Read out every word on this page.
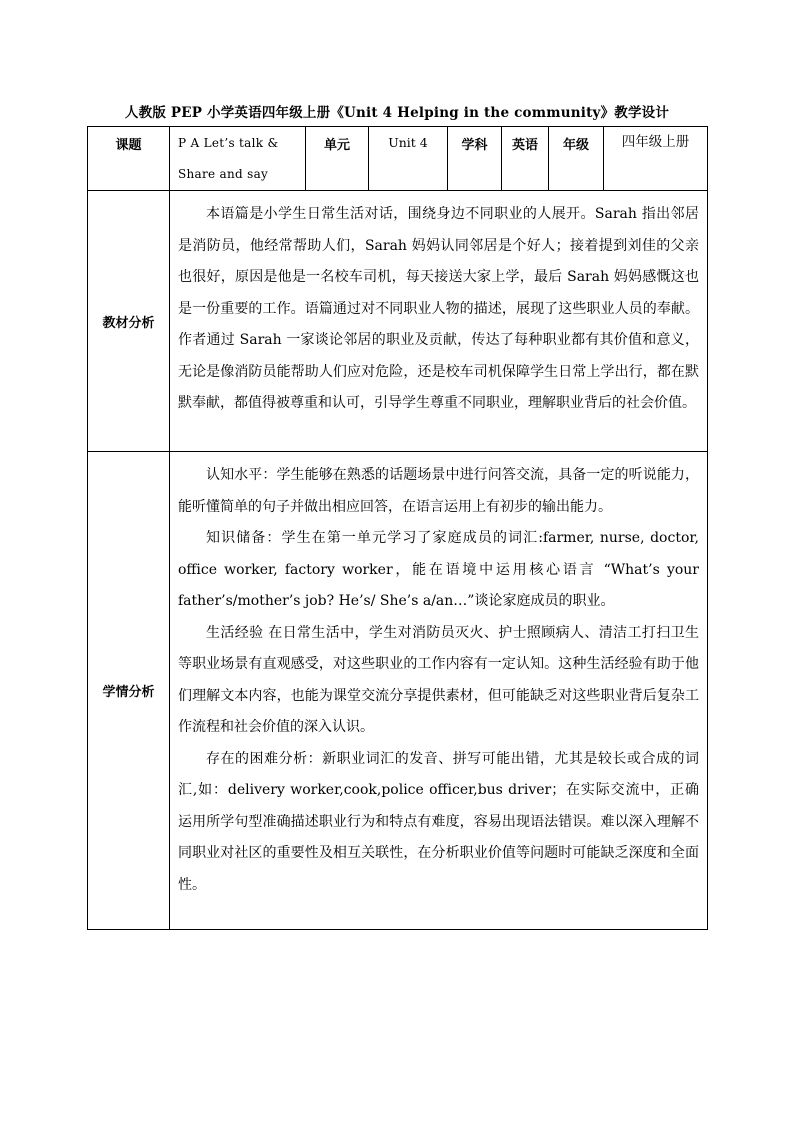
人教版 PEP 小学英语四年级上册《Unit 4 Helping in the community》教学设计
课题	P A Let’s talk &
Share and say	单元	Unit 4	学科	英语	年级	四年级上册
教材分析	本语篇是小学生日常生活对话，围绕身边不同职业的人展开。Sarah 指出邻居是消防员，他经常帮助人们，Sarah 妈妈认同邻居是个好人；接着提到刘佳的父亲也很好，原因是他是一名校车司机，每天接送大家上学，最后 Sarah 妈妈感慨这也是一份重要的工作。语篇通过对不同职业人物的描述，展现了这些职业人员的奉献。作者通过 Sarah 一家谈论邻居的职业及贡献，传达了每种职业都有其价值和意义，无论是像消防员能帮助人们应对危险，还是校车司机保障学生日常上学出行，都在默默奉献，都值得被尊重和认可，引导学生尊重不同职业，理解职业背后的社会价值。						

学情分析	认知水平：学生能够在熟悉的话题场景中进行问答交流，具备一定的听说能力，能听懂简单的句子并做出相应回答，在语言运用上有初步的输出能力。

知识储备：学生在第一单元学习了家庭成员的词汇:farmer, nurse, doctor, office worker, factory worker，能在语境中运用核心语言 “What’s your father’s/mother’s job? He’s/ She’s a/an…”谈论家庭成员的职业。

生活经验 在日常生活中，学生对消防员灭火、护士照顾病人、清洁工打扫卫生等职业场景有直观感受，对这些职业的工作内容有一定认知。这种生活经验有助于他们理解文本内容，也能为课堂交流分享提供素材，但可能缺乏对这些职业背后复杂工作流程和社会价值的深入认识。

存在的困难分析：新职业词汇的发音、拼写可能出错，尤其是较长或合成的词汇,如：delivery worker,cook,police officer,bus driver；在实际交流中，正确运用所学句型准确描述职业行为和特点有难度，容易出现语法错误。难以深入理解不同职业对社区的重要性及相互关联性，在分析职业价值等问题时可能缺乏深度和全面性。						
